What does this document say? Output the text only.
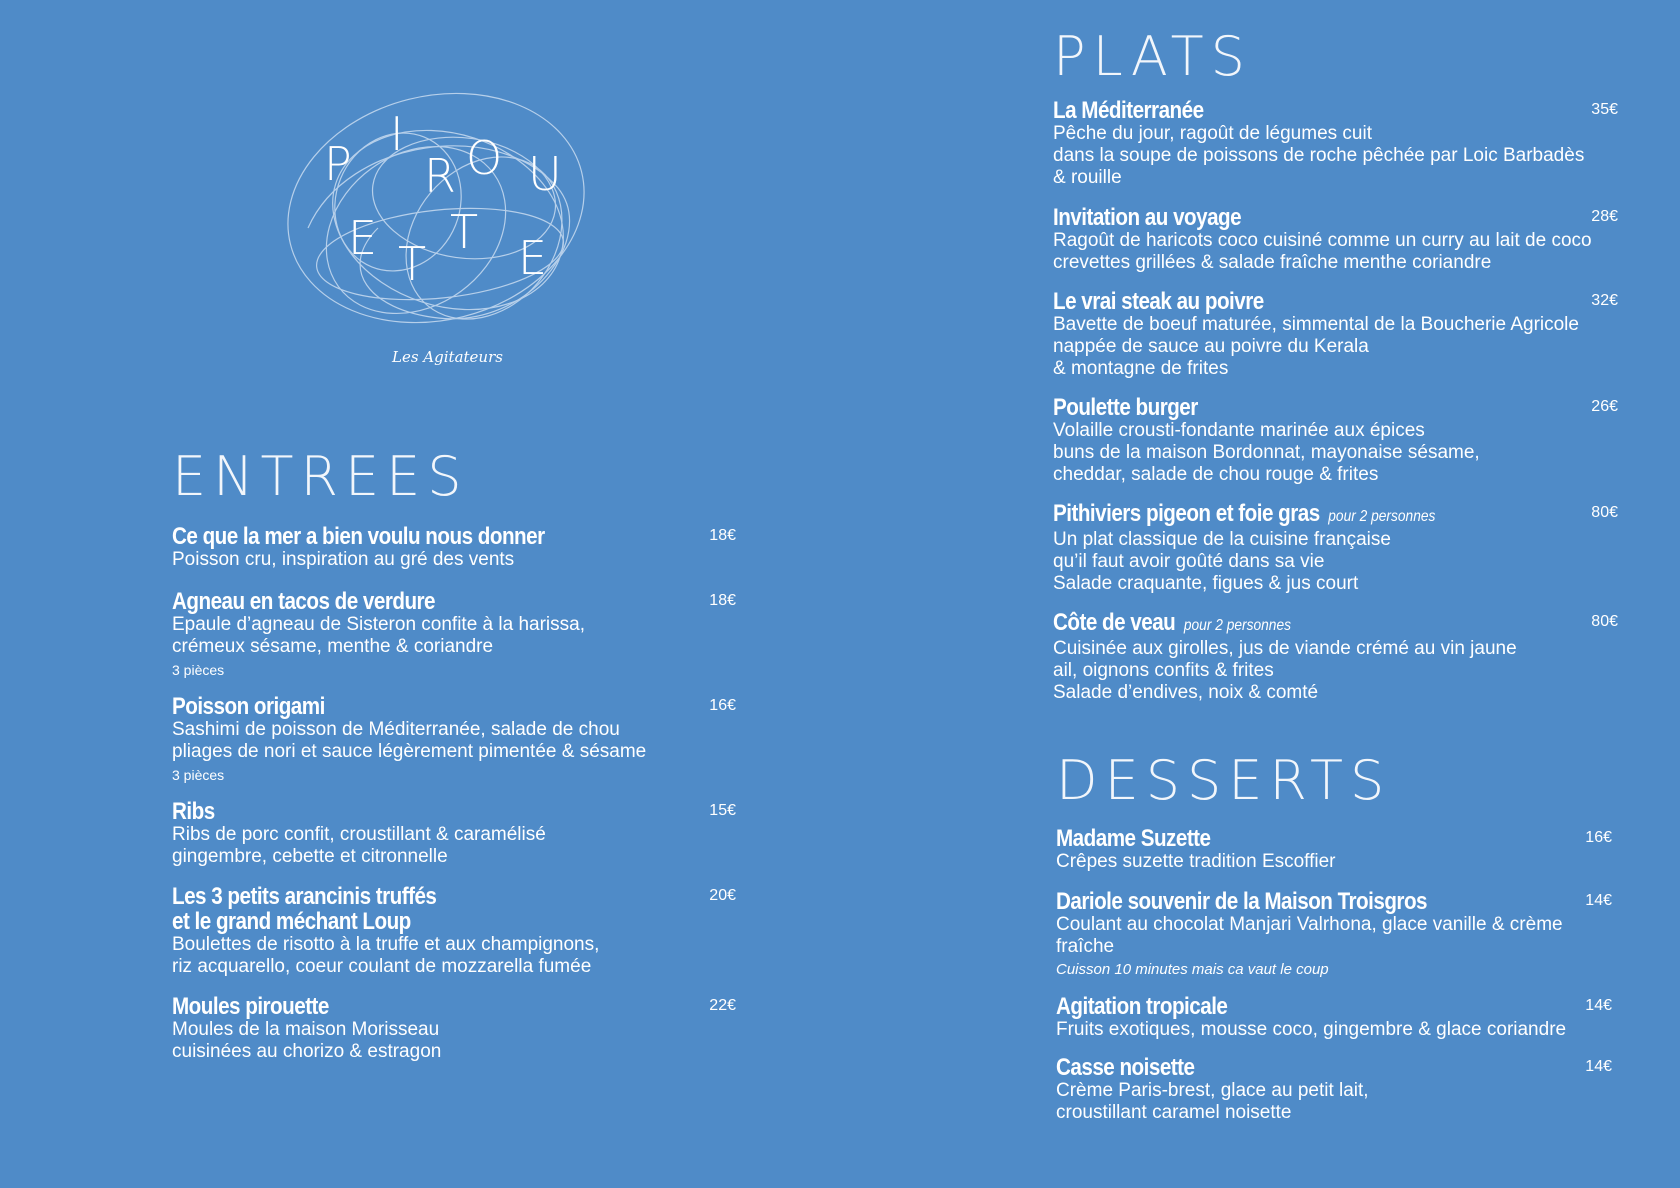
P
I
R O U
E T
T E
Les Agitateurs
ENTREES
Ce que la mer a bien voulu nous donner	18€
Poisson cru, inspiration au gré des vents
Agneau en tacos de verdure	18€
Epaule d’agneau de Sisteron confite à la harissa,
crémeux sésame, menthe & coriandre
3 pièces
Poisson origami	16€
Sashimi de poisson de Méditerranée, salade de chou
pliages de nori et sauce légèrement pimentée & sésame
3 pièces
Ribs	15€
Ribs de porc confit, croustillant & caramélisé
gingembre, cebette et citronnelle
Les 3 petits arancinis truffés
et le grand méchant Loup
20€
Boulettes de risotto à la truffe et aux champignons,
riz acquarello, coeur coulant de mozzarella fumée
Moules pirouette	22€
Moules de la maison Morisseau
cuisinées au chorizo & estragon
PLATS
La Méditerranée	35€
Pêche du jour, ragoût de légumes cuit
dans la soupe de poissons de roche pêchée par Loic Barbadès
& rouille
Invitation au voyage	28€
Ragoût de haricots coco cuisiné comme un curry au lait de coco
crevettes grillées & salade fraîche menthe coriandre
Le vrai steak au poivre	32€
Bavette de boeuf maturée, simmental de la Boucherie Agricole
nappée de sauce au poivre du Kerala
& montagne de frites
Poulette burger	26€
Volaille crousti-fondante marinée aux épices
buns de la maison Bordonnat, mayonaise sésame,
cheddar, salade de chou rouge & frites
Pithiviers pigeon et foie gras pour 2 personnes	80€
Un plat classique de la cuisine française
qu’il faut avoir goûté dans sa vie
Salade craquante, figues & jus court
Côte de veau pour 2 personnes	80€
Cuisinée aux girolles, jus de viande crémé au vin jaune
ail, oignons confits & frites
Salade d’endives, noix & comté
DESSERTS
Madame Suzette	16€
Crêpes suzette tradition Escoffier
Dariole souvenir de la Maison Troisgros	14€
Coulant au chocolat Manjari Valrhona, glace vanille & crème fraîche
Cuisson 10 minutes mais ca vaut le coup
Agitation tropicale	14€
Fruits exotiques, mousse coco, gingembre & glace coriandre
Casse noisette	14€
Crème Paris-brest, glace au petit lait,
croustillant caramel noisette
